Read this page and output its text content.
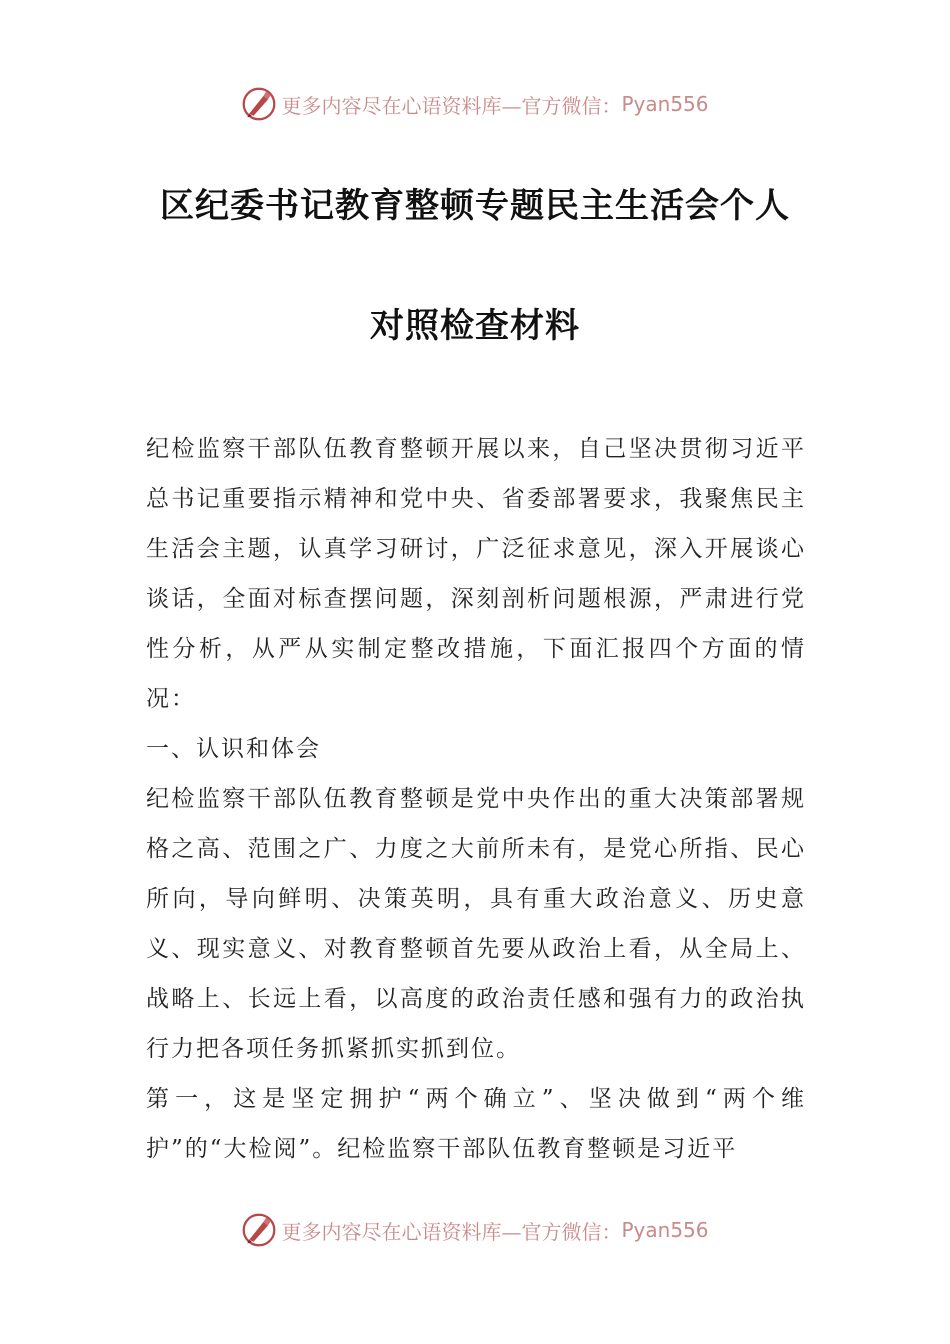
更多内容尽在心语资料库—官方微信： Pyan556
区纪委书记教育整顿专题民主生活会个人
对照检查材料

纪检监察干部队伍教育整顿开展以来，自己坚决贯彻习近平总书记重要指示精神和党中央、省委部署要求，我聚焦民主生活会主题，认真学习研讨，广泛征求意见，深入开展谈心谈话，全面对标查摆问题，深刻剖析问题根源，严肃进行党性分析，从严从实制定整改措施，下面汇报四个方面的情况：

一、认识和体会

纪检监察干部队伍教育整顿是党中央作出的重大决策部署规格之高、范围之广、力度之大前所未有，是党心所指、民心所向，导向鲜明、决策英明，具有重大政治意义、历史意义、现实意义、对教育整顿首先要从政治上看，从全局上、战略上、长远上看，以高度的政治责任感和强有力的政治执行力把各项任务抓紧抓实抓到位。

第一，这是坚定拥护“两个确立”、坚决做到“两个维护”的“大检阅”。纪检监察干部队伍教育整顿是习近平

更多内容尽在心语资料库—官方微信： Pyan556
